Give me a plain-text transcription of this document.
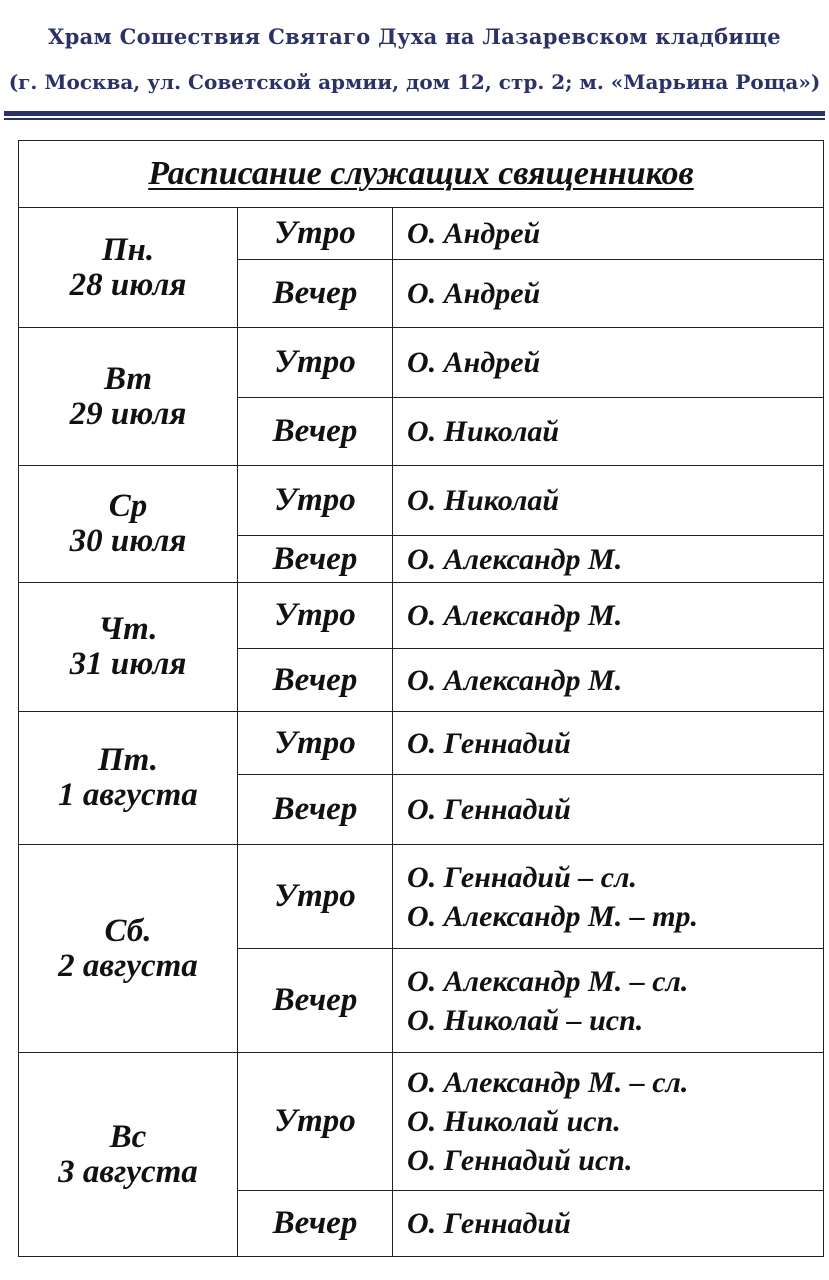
Храм Сошествия Святаго Духа на Лазаревском кладбище
(г. Москва, ул. Советской армии, дом 12, стр. 2; м. «Марьина Роща»)
Расписание служащих священников		

Пн.
28 июля	Утро	О. Андрей

	Вечер	О. Андрей

Вт
29 июля	Утро	О. Андрей

	Вечер	О. Николай

Ср
30 июля	Утро	О. Николай

	Вечер	О. Александр М.

Чт.
31 июля	Утро	О. Александр М.

	Вечер	О. Александр М.

Пт.
1 августа	Утро	О. Геннадий

	Вечер	О. Геннадий

Сб.
2 августа	Утро	О. Геннадий – сл.
О. Александр М. – тр.

	Вечер	О. Александр М. – сл.
О. Николай – исп.

Вс
3 августа	Утро	О. Александр М. – сл.
О. Николай исп.
О. Геннадий исп.

	Вечер	О. Геннадий
